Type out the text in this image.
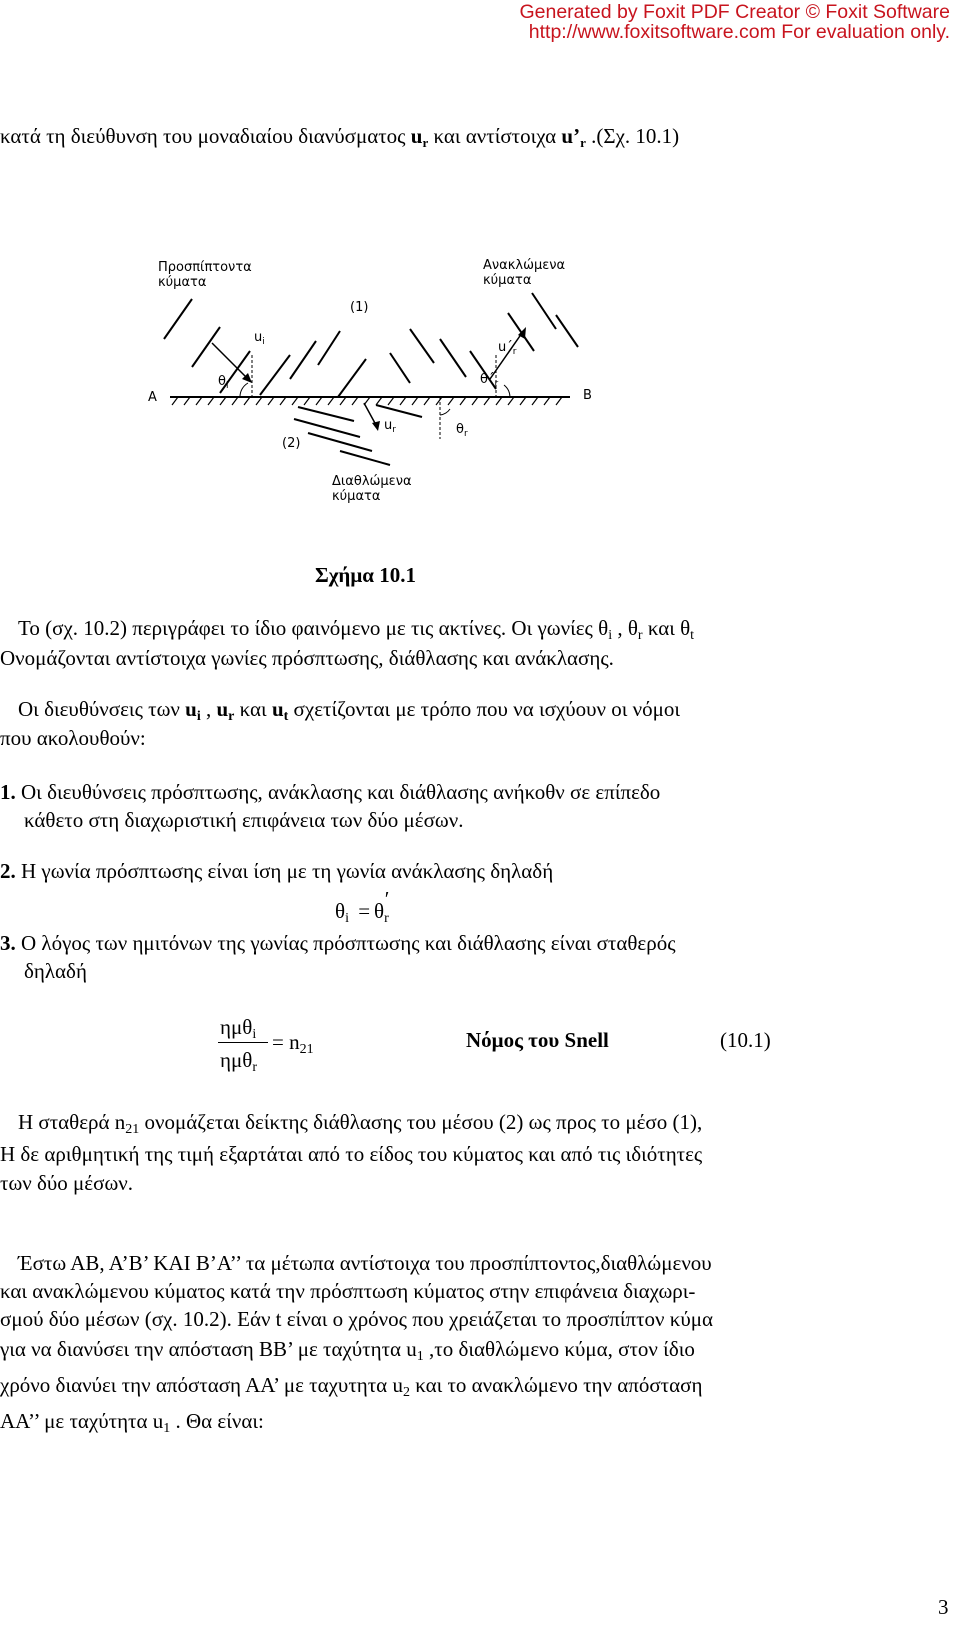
Generated by Foxit PDF Creator © Foxit Software
http://www.foxitsoftware.com For evaluation only.
κατά τη διεύθυνση του μοναδιαίου διανύσματος ur και αντίστοιχα u’r .(Σχ. 10.1)
Προσπίπτοντα
κύματα
Ανακλώμενα
κύματα
(1)
(2)
A	B
Διαθλώμενα
κύματα
$u_i$	$u´_r$
$u_r$
$\theta_i$	$\theta´_r$
$\theta_r$
Σχήμα 10.1
Το (σχ. 10.2) περιγράφει το ίδιο φαινόμενο με τις ακτίνες. Οι γωνίες θi , θr και θt
Ονομάζονται αντίστοιχα γωνίες πρόσπτωσης, διάθλασης και ανάκλασης.
Οι διευθύνσεις των ui , ur και ut σχετίζονται με τρόπο που να ισχύουν οι νόμοι
που ακολουθούν:
1. Οι διευθύνσεις πρόσπτωσης, ανάκλασης και διάθλασης ανήκοθν σε επίπεδο
κάθετο στη διαχωριστική επιφάνεια των δύο μέσων.
2. Η γωνία πρόσπτωσης είναι ίση με τη γωνία ανάκλασης δηλαδή
θi = θr′
3. Ο λόγος των ημιτόνων της γωνίας πρόσπτωσης και διάθλασης είναι σταθερός
δηλαδή
ημθi
ημθr
= n21	Νόμος του Snell	(10.1)
Η σταθερά n21 ονομάζεται δείκτης διάθλασης του μέσου (2) ως προς το μέσο (1),
Η δε αριθμητική της τιμή εξαρτάται από το είδος του κύματος και από τις ιδιότητες
των δύο μέσων.
Έστω ΑΒ, Α’Β’ ΚΑΙ Β’Α’’ τα μέτωπα αντίστοιχα του προσπίπτοντος,διαθλώμενου
και ανακλώμενου κύματος κατά την πρόσπτωση κύματος στην επιφάνεια διαχωρι-
σμού δύο μέσων (σχ. 10.2). Εάν t είναι ο χρόνος που χρειάζεται το προσπίπτον κύμα
για να διανύσει την απόσταση ΒΒ’ με ταχύτητα u1 ,το διαθλώμενο κύμα, στον ίδιο
χρόνο διανύει την απόσταση ΑΑ’ με ταχυτητα u2 και το ανακλώμενο την απόσταση
ΑΑ’’ με ταχύτητα u1 . Θα είναι:
3
